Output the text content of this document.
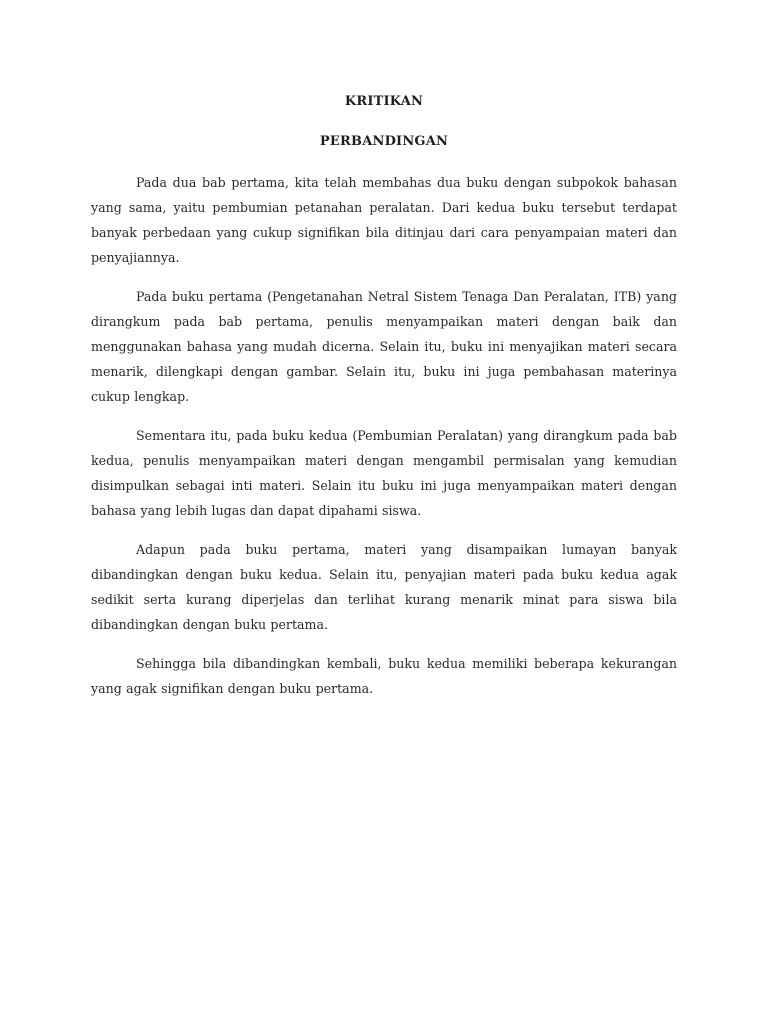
KRITIKAN
PERBANDINGAN

Pada dua bab pertama, kita telah membahas dua buku dengan subpokok bahasan yang sama, yaitu pembumian petanahan peralatan. Dari kedua buku tersebut terdapat banyak perbedaan yang cukup signifikan bila ditinjau dari cara penyampaian materi dan penyajiannya.

Pada buku pertama (Pengetanahan Netral Sistem Tenaga Dan Peralatan, ITB) yang dirangkum pada bab pertama, penulis menyampaikan materi dengan baik dan menggunakan bahasa yang mudah dicerna. Selain itu, buku ini menyajikan materi secara menarik, dilengkapi dengan gambar. Selain itu, buku ini juga pembahasan materinya cukup lengkap.

Sementara itu, pada buku kedua (Pembumian Peralatan) yang dirangkum pada bab kedua, penulis menyampaikan materi dengan mengambil permisalan yang kemudian disimpulkan sebagai inti materi. Selain itu buku ini juga menyampaikan materi dengan bahasa yang lebih lugas dan dapat dipahami siswa.

Adapun pada buku pertama, materi yang disampaikan lumayan banyak dibandingkan dengan buku kedua. Selain itu, penyajian materi pada buku kedua agak sedikit serta kurang diperjelas dan terlihat kurang menarik minat para siswa bila dibandingkan dengan buku pertama.

Sehingga bila dibandingkan kembali, buku kedua memiliki beberapa kekurangan yang agak signifikan dengan buku pertama.
